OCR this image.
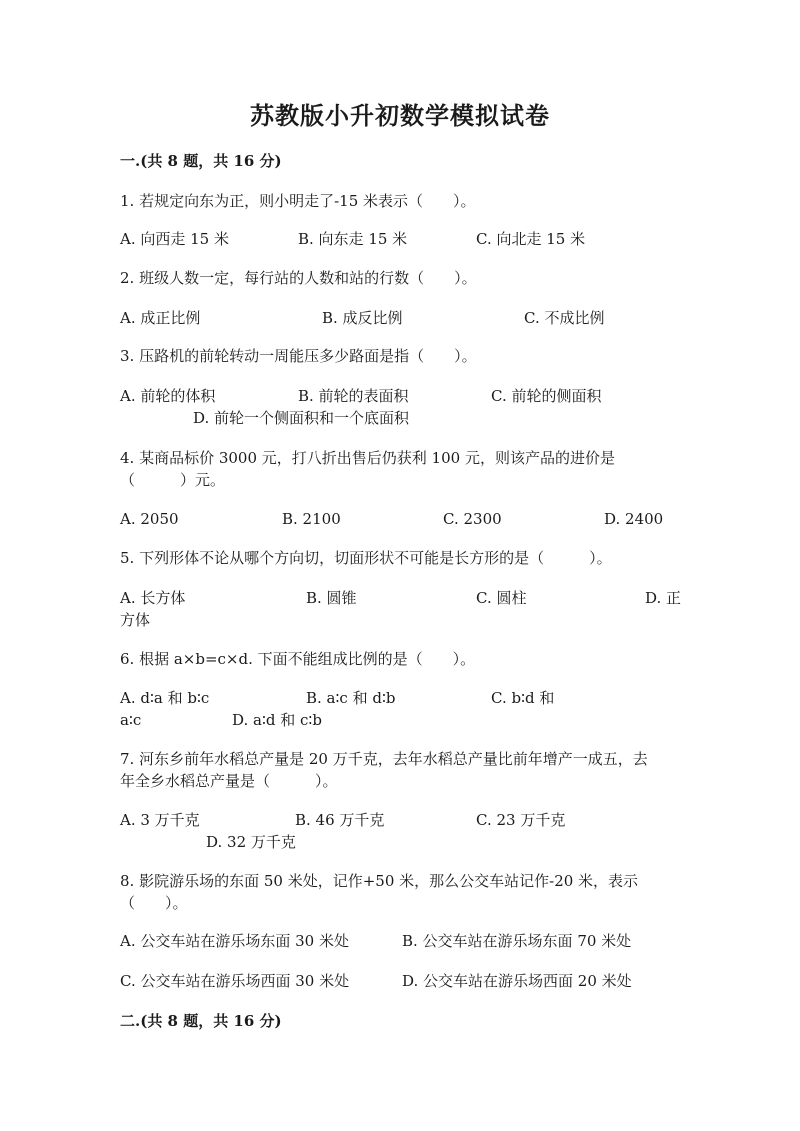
苏教版小升初数学模拟试卷
一.(共 8 题，共 16 分)
1. 若规定向东为正，则小明走了-15 米表示（　　）。
A. 向西走 15 米	B. 向东走 15 米	C. 向北走 15 米
2. 班级人数一定，每行站的人数和站的行数（　　）。
A. 成正比例	B. 成反比例	C. 不成比例
3. 压路机的前轮转动一周能压多少路面是指（　　）。
A. 前轮的体积	B. 前轮的表面积	C. 前轮的侧面积
D. 前轮一个侧面积和一个底面积
4. 某商品标价 3000 元，打八折出售后仍获利 100 元，则该产品的进价是
（　　　）元。
A. 2050	B. 2100	C. 2300	D. 2400
5. 下列形体不论从哪个方向切，切面形状不可能是长方形的是（　　　）。
A. 长方体	B. 圆锥	C. 圆柱	D. 正
方体
6. 根据 a×b=c×d. 下面不能组成比例的是（　　）。
A. d∶a 和 b∶c	B. a∶c 和 d∶b	C. b∶d 和
a∶c	D. a∶d 和 c∶b
7. 河东乡前年水稻总产量是 20 万千克，去年水稻总产量比前年增产一成五，去
年全乡水稻总产量是（　　　）。
A. 3 万千克	B. 46 万千克	C. 23 万千克
D. 32 万千克
8. 影院游乐场的东面 50 米处，记作+50 米，那么公交车站记作-20 米，表示
（　　）。
A. 公交车站在游乐场东面 30 米处	B. 公交车站在游乐场东面 70 米处
C. 公交车站在游乐场西面 30 米处	D. 公交车站在游乐场西面 20 米处
二.(共 8 题，共 16 分)
